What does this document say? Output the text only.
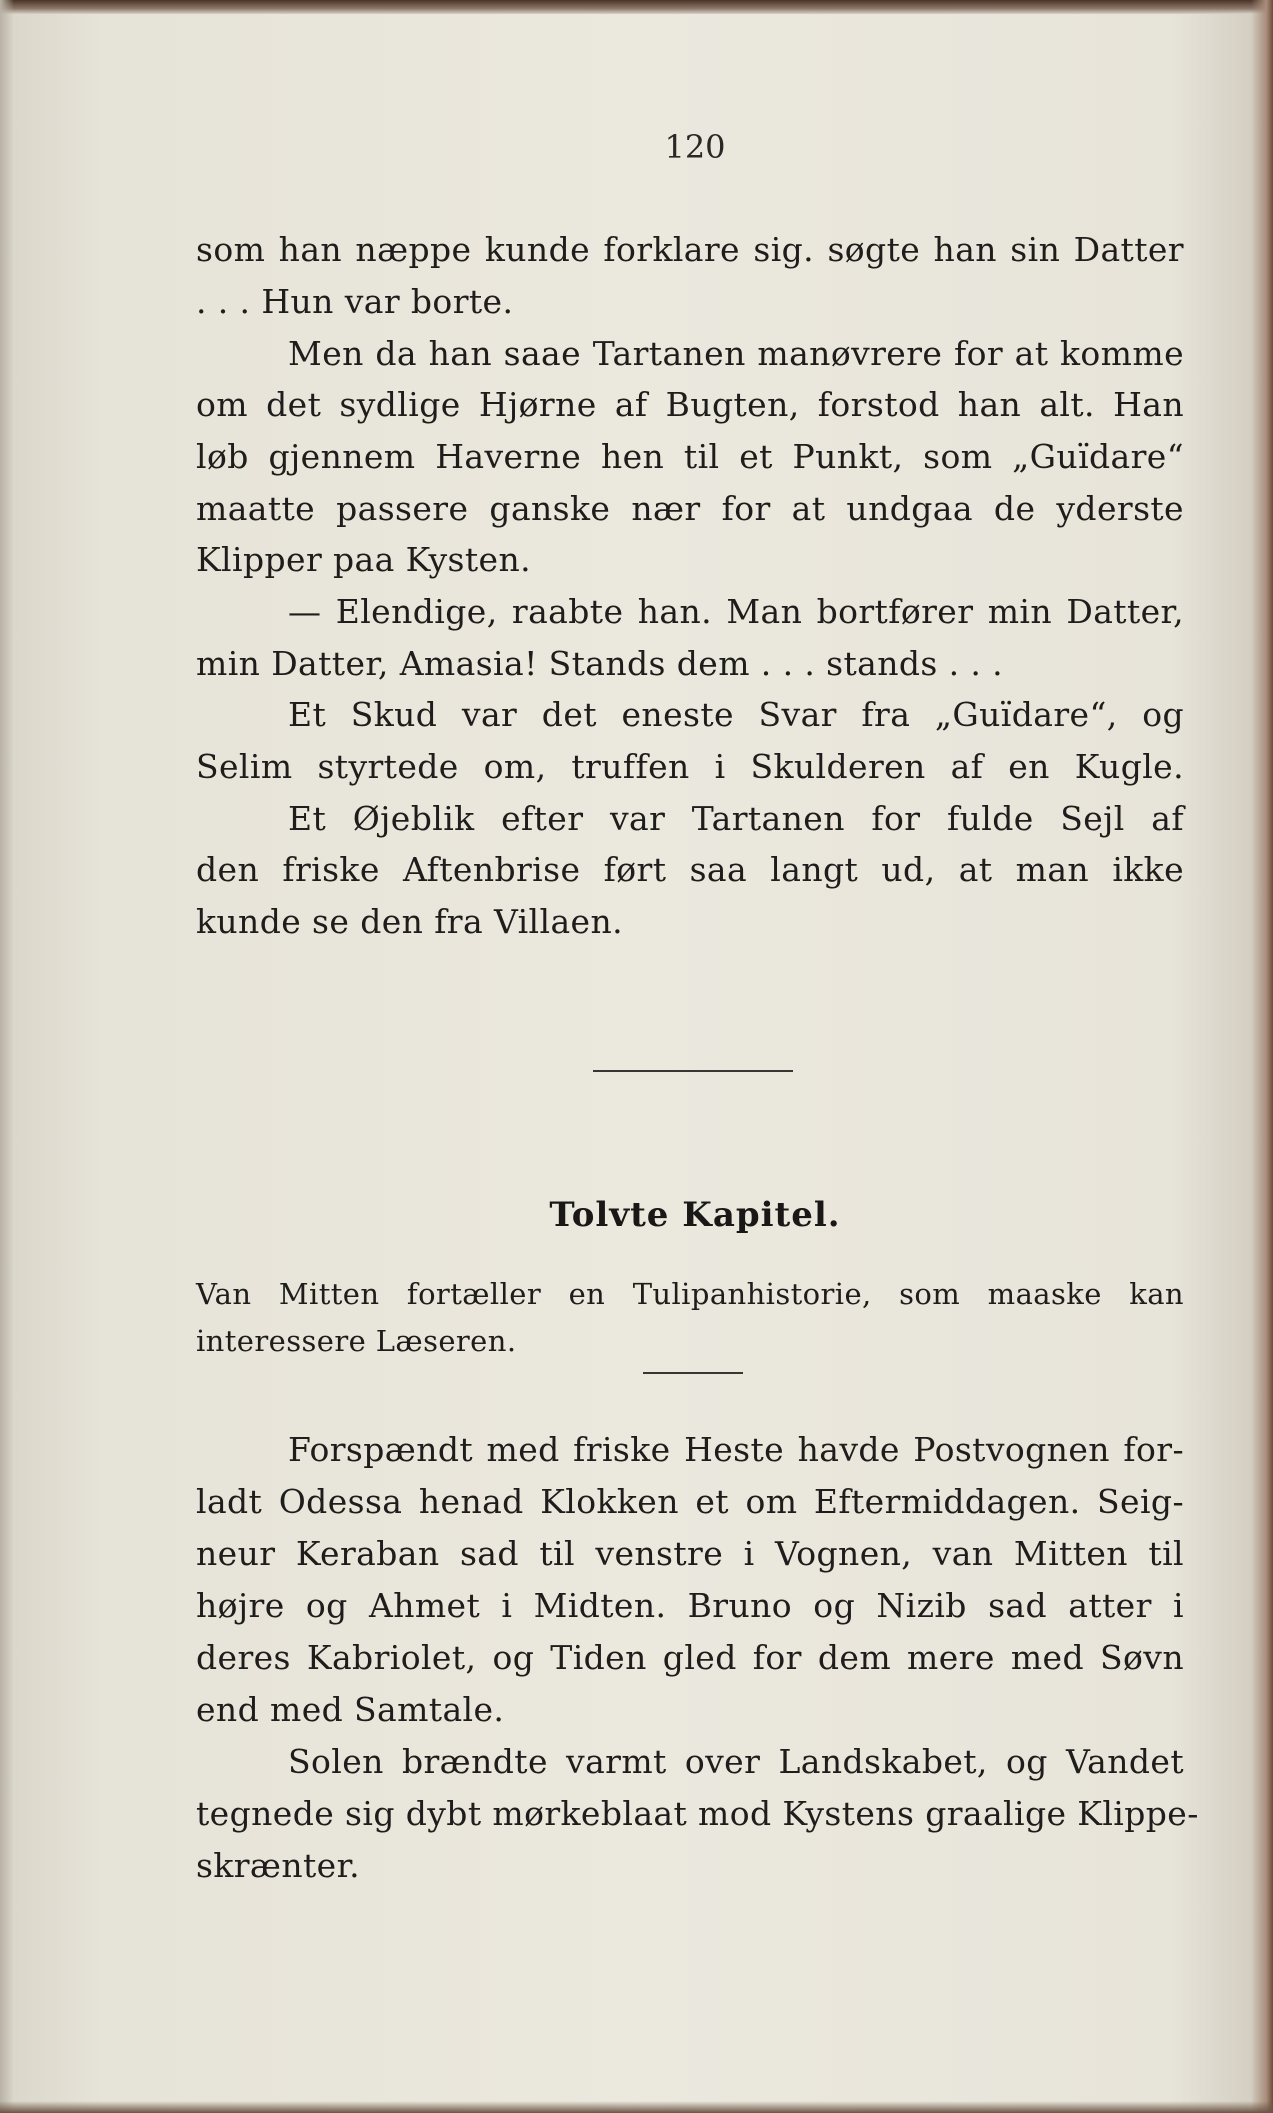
120
som han næppe kunde forklare sig. søgte han sin Datter
. . . Hun var borte.
Men da han saae Tartanen manøvrere for at komme
om det sydlige Hjørne af Bugten, forstod han alt. Han
løb gjennem Haverne hen til et Punkt, som „Guïdare“
maatte passere ganske nær for at undgaa de yderste
Klipper paa Kysten.
— Elendige, raabte han. Man bortfører min Datter,
min Datter, Amasia! Stands dem . . . stands . . .
Et Skud var det eneste Svar fra „Guïdare“, og
Selim styrtede om, truffen i Skulderen af en Kugle.
Et Øjeblik efter var Tartanen for fulde Sejl af
den friske Aftenbrise ført saa langt ud, at man ikke
kunde se den fra Villaen.
Tolvte Kapitel.
Van Mitten fortæller en Tulipanhistorie, som maaske kan
interessere Læseren.
Forspændt med friske Heste havde Postvognen for-
ladt Odessa henad Klokken et om Eftermiddagen. Seig-
neur Keraban sad til venstre i Vognen, van Mitten til
højre og Ahmet i Midten. Bruno og Nizib sad atter i
deres Kabriolet, og Tiden gled for dem mere med Søvn
end med Samtale.
Solen brændte varmt over Landskabet, og Vandet
tegnede sig dybt mørkeblaat mod Kystens graalige Klippe-
skrænter.
